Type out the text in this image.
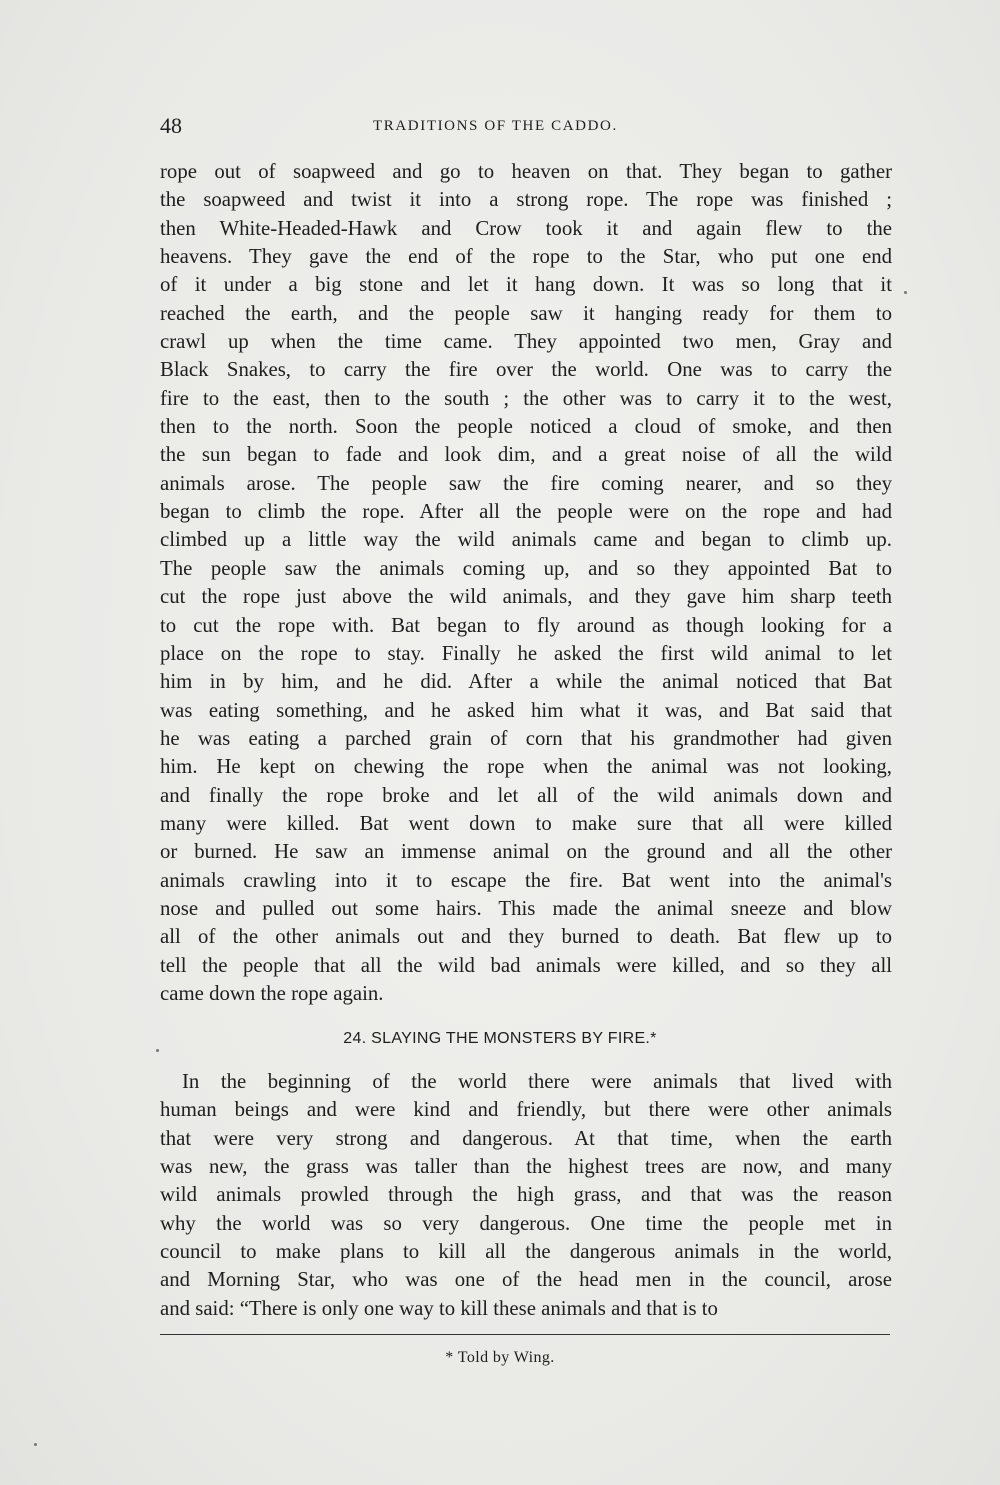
48	TRADITIONS OF THE CADDO.
rope out of soapweed and go to heaven on that. They began to gather
the soapweed and twist it into a strong rope. The rope was finished ;
then White-Headed-Hawk and Crow took it and again flew to the
heavens. They gave the end of the rope to the Star, who put one end
of it under a big stone and let it hang down. It was so long that it
reached the earth, and the people saw it hanging ready for them to
crawl up when the time came. They appointed two men, Gray and
Black Snakes, to carry the fire over the world. One was to carry the
fire to the east, then to the south ; the other was to carry it to the west,
then to the north. Soon the people noticed a cloud of smoke, and then
the sun began to fade and look dim, and a great noise of all the wild
animals arose. The people saw the fire coming nearer, and so they
began to climb the rope. After all the people were on the rope and had
climbed up a little way the wild animals came and began to climb up.
The people saw the animals coming up, and so they appointed Bat to
cut the rope just above the wild animals, and they gave him sharp teeth
to cut the rope with. Bat began to fly around as though looking for a
place on the rope to stay. Finally he asked the first wild animal to let
him in by him, and he did. After a while the animal noticed that Bat
was eating something, and he asked him what it was, and Bat said that
he was eating a parched grain of corn that his grandmother had given
him. He kept on chewing the rope when the animal was not looking,
and finally the rope broke and let all of the wild animals down and
many were killed. Bat went down to make sure that all were killed
or burned. He saw an immense animal on the ground and all the other
animals crawling into it to escape the fire. Bat went into the animal's
nose and pulled out some hairs. This made the animal sneeze and blow
all of the other animals out and they burned to death. Bat flew up to
tell the people that all the wild bad animals were killed, and so they all
came down the rope again.
24. SLAYING THE MONSTERS BY FIRE.*
In the beginning of the world there were animals that lived with
human beings and were kind and friendly, but there were other animals
that were very strong and dangerous. At that time, when the earth
was new, the grass was taller than the highest trees are now, and many
wild animals prowled through the high grass, and that was the reason
why the world was so very dangerous. One time the people met in
council to make plans to kill all the dangerous animals in the world,
and Morning Star, who was one of the head men in the council, arose
and said: “There is only one way to kill these animals and that is to
* Told by Wing.
